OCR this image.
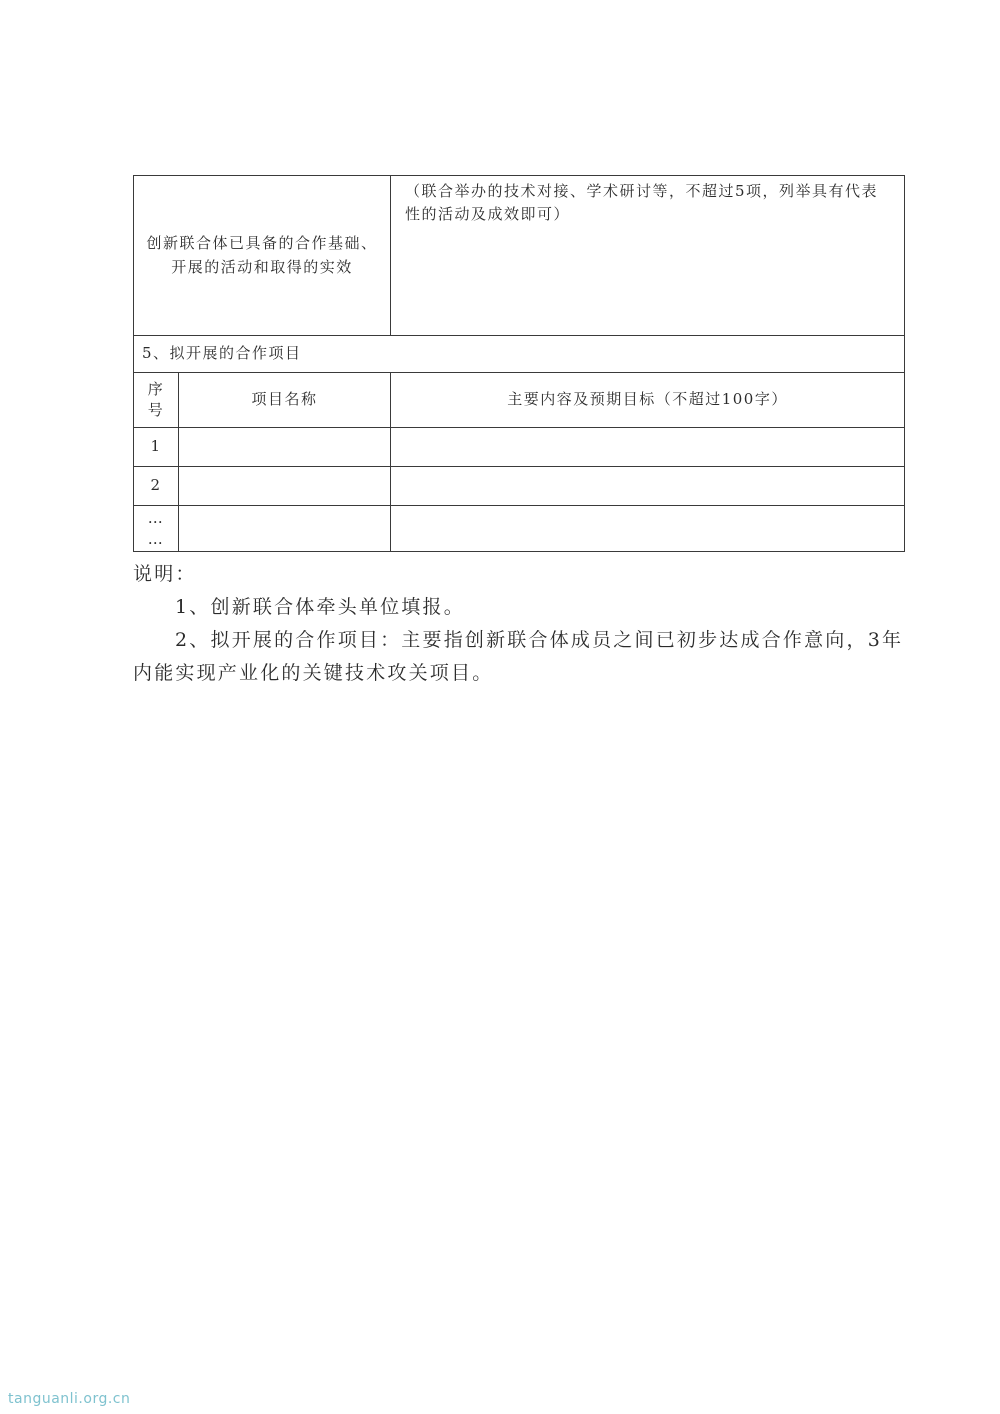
创新联合体已具备的合作基础、开展的活动和取得的实效		（联合举办的技术对接、学术研讨等，不超过5项，列举具有代表性的活动及成效即可）
5、拟开展的合作项目		

序
号	项目名称	主要内容及预期目标（不超过100字）
1		
2		

…
…		

说明：

1、创新联合体牵头单位填报。

2、拟开展的合作项目：主要指创新联合体成员之间已初步达成合作意向，3年内能实现产业化的关键技术攻关项目。

tanguanli.org.cn
